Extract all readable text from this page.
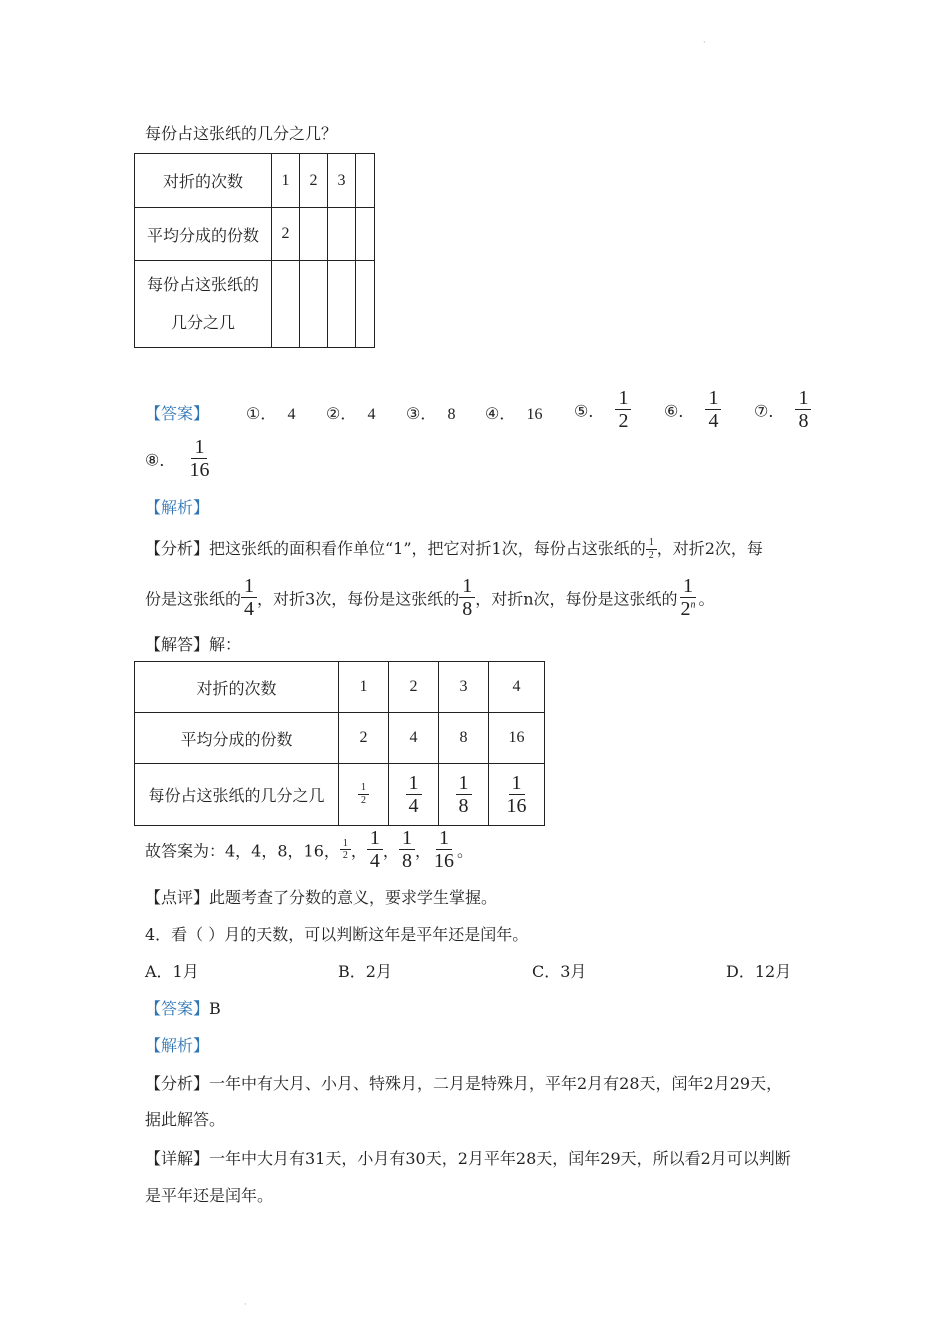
·
每份占这张纸的几分之几？
对折的次数	1	2	3	
平均分成的份数	2			

每份占这张纸的
几分之几				

【答案】 ①． 4 ②． 4 ③． 8 ④． 16 ⑤． $\frac{1}{2}$ ⑥． $\frac{1}{4}$ ⑦． $\frac{1}{8}$
⑧． $\frac{1}{16}$
【解析】
【分析】把这张纸的面积看作单位“1”，把它对折1次，每份占这张纸的 $\frac{1}{2}$ ，对折2次，每
份是这张纸的 $\frac{1}{4}$ ，对折3次，每份是这张纸的 $\frac{1}{8}$ ，对折n次，每份是这张纸的 $\frac{1}{2^n}$ 。
【解答】解：
对折的次数	1	2	3	4
平均分成的份数	2	4	8	16
每份占这张纸的几分之几	$\frac{1}{2}$	$\frac{1}{4}$	$\frac{1}{8}$	$\frac{1}{16}$
故答案为：4，4，8，16， $\frac{1}{2}$ ， $\frac{1}{4}$ ， $\frac{1}{8}$ ， $\frac{1}{16}$ 。
【点评】此题考查了分数的意义，要求学生掌握。
4．看（ ）月的天数，可以判断这年是平年还是闰年。
A．1月	B．2月	C．3月	D．12月
【答案】B
【解析】
【分析】一年中有大月、小月、特殊月，二月是特殊月，平年2月有28天，闰年2月29天，
据此解答。
【详解】一年中大月有31天，小月有30天，2月平年28天，闰年29天，所以看2月可以判断
是平年还是闰年。
·
